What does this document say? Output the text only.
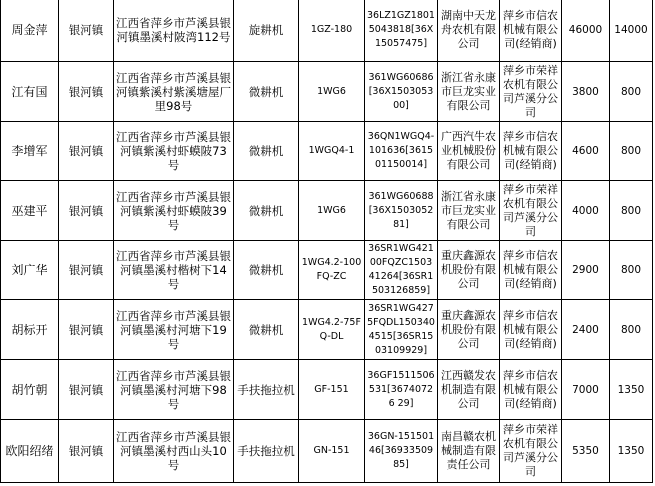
周金萍	银河镇	江西省萍乡市芦溪县银河镇墨溪村陂湾112号	旋耕机	1GZ-180	36LZ1GZ18015043818[36X15057475]	湖南中天龙舟农机有限公司	萍乡市信农机械有限公司(经销商)	46000	14000
江有国	银河镇	江西省萍乡市芦溪县银河镇紫溪村紫溪塘屋厂里98号	微耕机	1WG6	361WG60686[36X150305300]	浙江省永康市巨龙实业有限公司	萍乡市荣祥农机有限公司芦溪分公司	3800	800
李增军	银河镇	江西省萍乡市芦溪县银河镇紫溪村虾蟆陂73号	微耕机	1WGQ4-1	36QN1WGQ4-101636[3615 01150014]	广西汽牛农业机械股份有限公司	萍乡市信农机械有限公司(经销商)	4600	800
巫建平	银河镇	江西省萍乡市芦溪县银河镇紫溪村虾蟆陂39号	微耕机	1WG6	361WG60688[36X150305281]	浙江省永康市巨龙实业有限公司	萍乡市荣祥农机有限公司芦溪分公司	4000	800
刘广华	银河镇	江西省萍乡市芦溪县银河镇墨溪村楷树下14号	微耕机	1WG4.2-100FQ-ZC	36SR1WG42100FQZC150341264[36SR1503126859]	重庆鑫源农机股份有限公司	萍乡市信农机械有限公司(经销商)	2900	800
胡标开	银河镇	江西省萍乡市芦溪县银河镇墨溪村河塘下19号	微耕机	1WG4.2-75FQ-DL	36SR1WG4275FQDL1503404515[36SR1503109929]	重庆鑫源农机股份有限公司	萍乡市信农机械有限公司(经销商)	2400	800
胡竹朝	银河镇	江西省萍乡市芦溪县银河镇墨溪村河塘下98号	手扶拖拉机	GF-151	36GF1511506531[36740726 29]	江西赣发农机制造有限公司	萍乡市信农机械有限公司(经销商)	7000	1350
欧阳绍绪	银河镇	江西省萍乡市芦溪县银河镇墨溪村西山头10号	手扶拖拉机	GN-151	36GN-15150146[3693350985]	南昌赣农机械制造有限责任公司	萍乡市荣祥农机有限公司芦溪分公司	5350	1350
